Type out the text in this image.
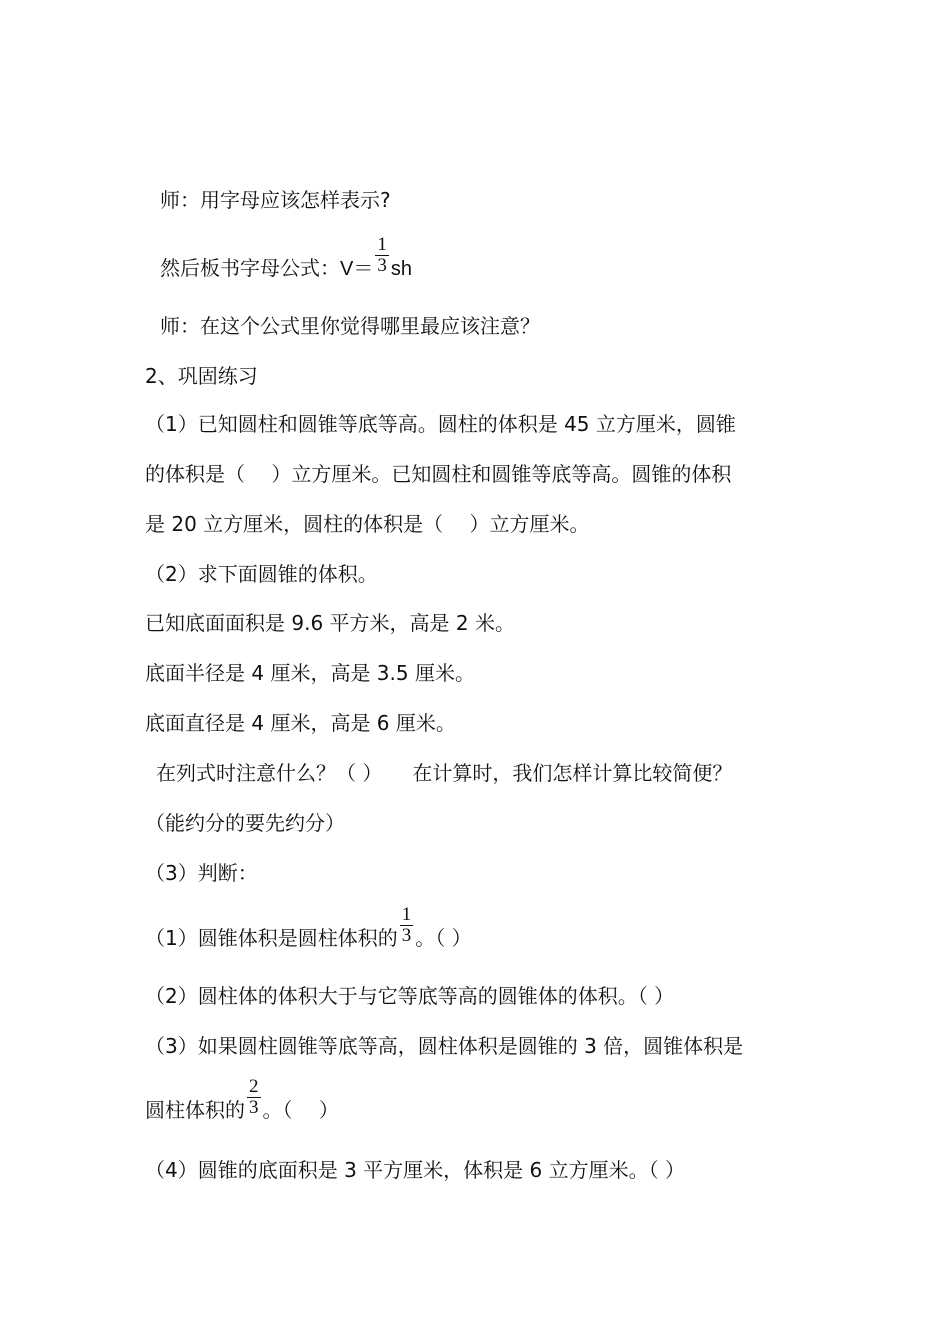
师：用字母应该怎样表示?
然后板书字母公式：$V= \frac{1}{3}$ sh
师：在这个公式里你觉得哪里最应该注意？
2、巩固练习
（1）已知圆柱和圆锥等底等高。圆柱的体积是 45 立方厘米，圆锥
的体积是（　 ）立方厘米。已知圆柱和圆锥等底等高。圆锥的体积
是 20 立方厘米，圆柱的体积是（　 ）立方厘米。
（2）求下面圆锥的体积。
已知底面面积是 9.6 平方米，高是 2 米。
底面半径是 4 厘米，高是 3.5 厘米。
底面直径是 4 厘米，高是 6 厘米。
在列式时注意什么？（ ）　　在计算时，我们怎样计算比较简便？
（能约分的要先约分）
（3）判断：
（1）圆锥体积是圆柱体积的 $\frac{1}{3}$ 。（ ）
（2）圆柱体的体积大于与它等底等高的圆锥体的体积。（ ）
（3）如果圆柱圆锥等底等高，圆柱体积是圆锥的 3 倍，圆锥体积是
圆柱体积的 $\frac{2}{3}$ 。（　 ）
（4）圆锥的底面积是 3 平方厘米，体积是 6 立方厘米。（ ）
